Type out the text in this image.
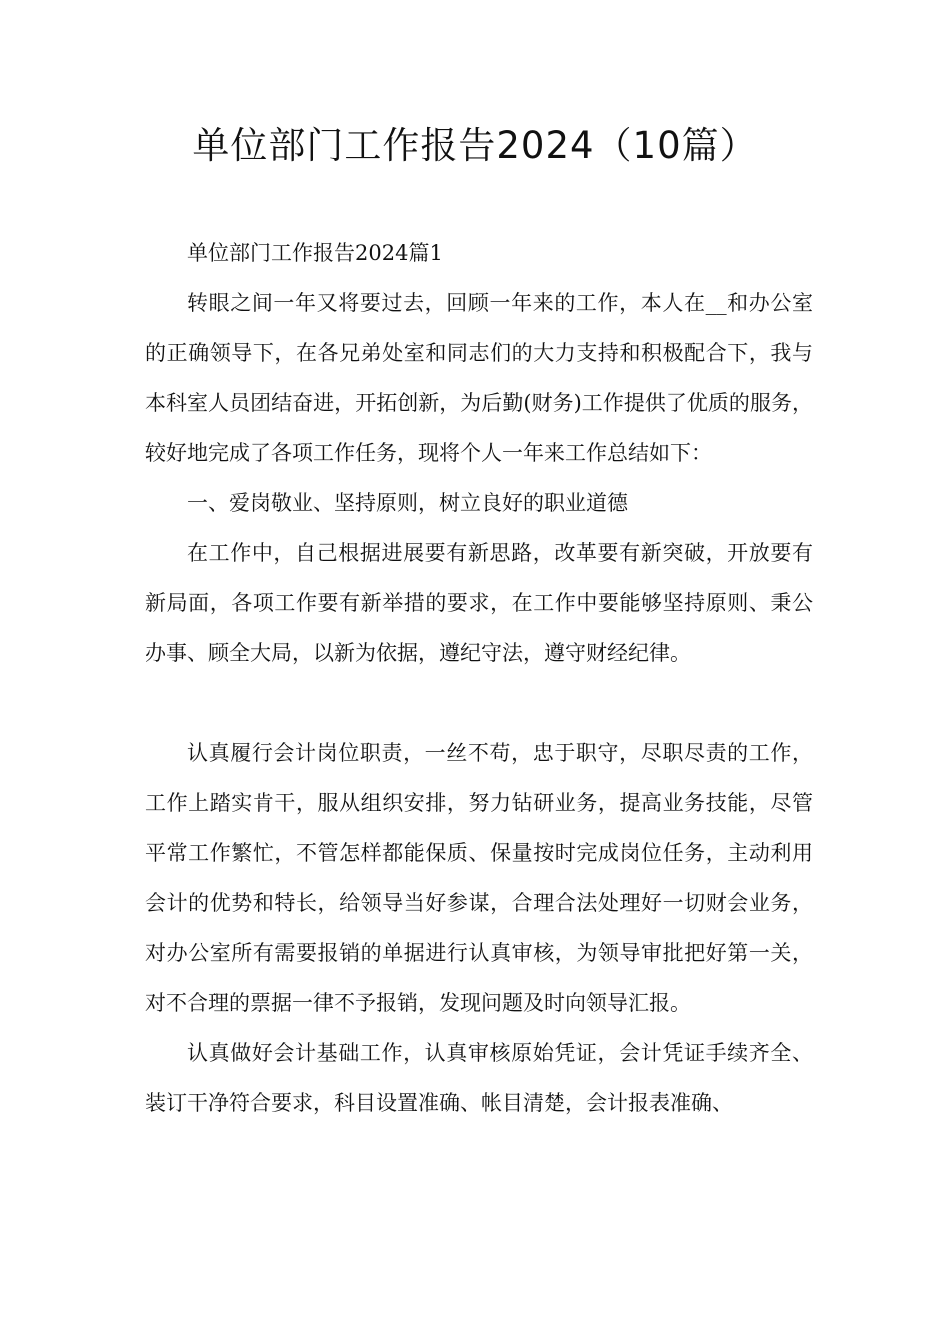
单位部门工作报告2024（10篇）

单位部门工作报告2024篇1

转眼之间一年又将要过去，回顾一年来的工作，本人在__和办公室的正确领导下，在各兄弟处室和同志们的大力支持和积极配合下，我与本科室人员团结奋进，开拓创新，为后勤(财务)工作提供了优质的服务，较好地完成了各项工作任务，现将个人一年来工作总结如下：

一、爱岗敬业、坚持原则，树立良好的职业道德

在工作中，自己根据进展要有新思路，改革要有新突破，开放要有新局面，各项工作要有新举措的要求，在工作中要能够坚持原则、秉公办事、顾全大局，以新为依据，遵纪守法，遵守财经纪律。

认真履行会计岗位职责，一丝不苟，忠于职守，尽职尽责的工作，工作上踏实肯干，服从组织安排，努力钻研业务，提高业务技能，尽管平常工作繁忙，不管怎样都能保质、保量按时完成岗位任务，主动利用会计的优势和特长，给领导当好参谋，合理合法处理好一切财会业务，对办公室所有需要报销的单据进行认真审核，为领导审批把好第一关，对不合理的票据一律不予报销，发现问题及时向领导汇报。

认真做好会计基础工作，认真审核原始凭证，会计凭证手续齐全、装订干净符合要求，科目设置准确、帐目清楚，会计报表准确、
